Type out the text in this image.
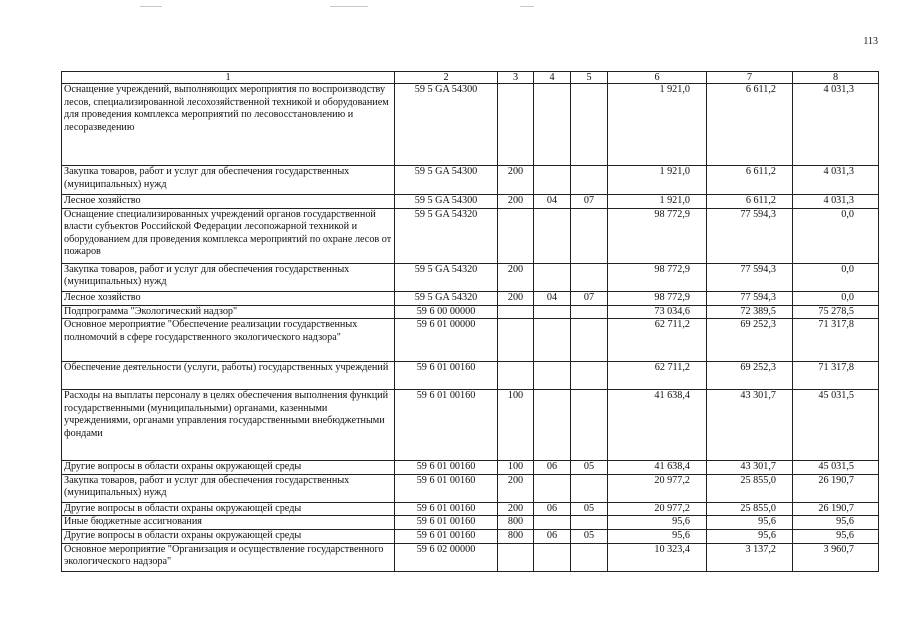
113
1	2	3	4	5	6	7	8
Оснащение учреждений, выполняющих мероприятия по воспроизводству лесов, специализированной лесохозяйственной техникой и оборудованием для проведения комплекса мероприятий по лесовосстановлению и лесоразведению	59 5 GA 54300				1 921,0	6 611,2	4 031,3
Закупка товаров, работ и услуг для обеспечения государственных (муниципальных) нужд	59 5 GA 54300	200			1 921,0	6 611,2	4 031,3
Лесное хозяйство	59 5 GA 54300	200	04	07	1 921,0	6 611,2	4 031,3
Оснащение специализированных учреждений органов государственной власти субъектов Российской Федерации лесопожарной техникой и оборудованием для проведения комплекса мероприятий по охране лесов от пожаров	59 5 GA 54320				98 772,9	77 594,3	0,0
Закупка товаров, работ и услуг для обеспечения государственных (муниципальных) нужд	59 5 GA 54320	200			98 772,9	77 594,3	0,0
Лесное хозяйство	59 5 GA 54320	200	04	07	98 772,9	77 594,3	0,0
Подпрограмма "Экологический надзор"	59 6 00 00000				73 034,6	72 389,5	75 278,5
Основное мероприятие "Обеспечение реализации государственных полномочий в сфере государственного экологического надзора"	59 6 01 00000				62 711,2	69 252,3	71 317,8
Обеспечение деятельности (услуги, работы) государственных учреждений	59 6 01 00160				62 711,2	69 252,3	71 317,8
Расходы на выплаты персоналу в целях обеспечения выполнения функций государственными (муниципальными) органами, казенными учреждениями, органами управления государственными внебюджетными фондами	59 6 01 00160	100			41 638,4	43 301,7	45 031,5
Другие вопросы в области охраны окружающей среды	59 6 01 00160	100	06	05	41 638,4	43 301,7	45 031,5
Закупка товаров, работ и услуг для обеспечения государственных (муниципальных) нужд	59 6 01 00160	200			20 977,2	25 855,0	26 190,7
Другие вопросы в области охраны окружающей среды	59 6 01 00160	200	06	05	20 977,2	25 855,0	26 190,7
Иные бюджетные ассигнования	59 6 01 00160	800			95,6	95,6	95,6
Другие вопросы в области охраны окружающей среды	59 6 01 00160	800	06	05	95,6	95,6	95,6
Основное мероприятие "Организация и осуществление государственного экологического надзора"	59 6 02 00000				10 323,4	3 137,2	3 960,7
